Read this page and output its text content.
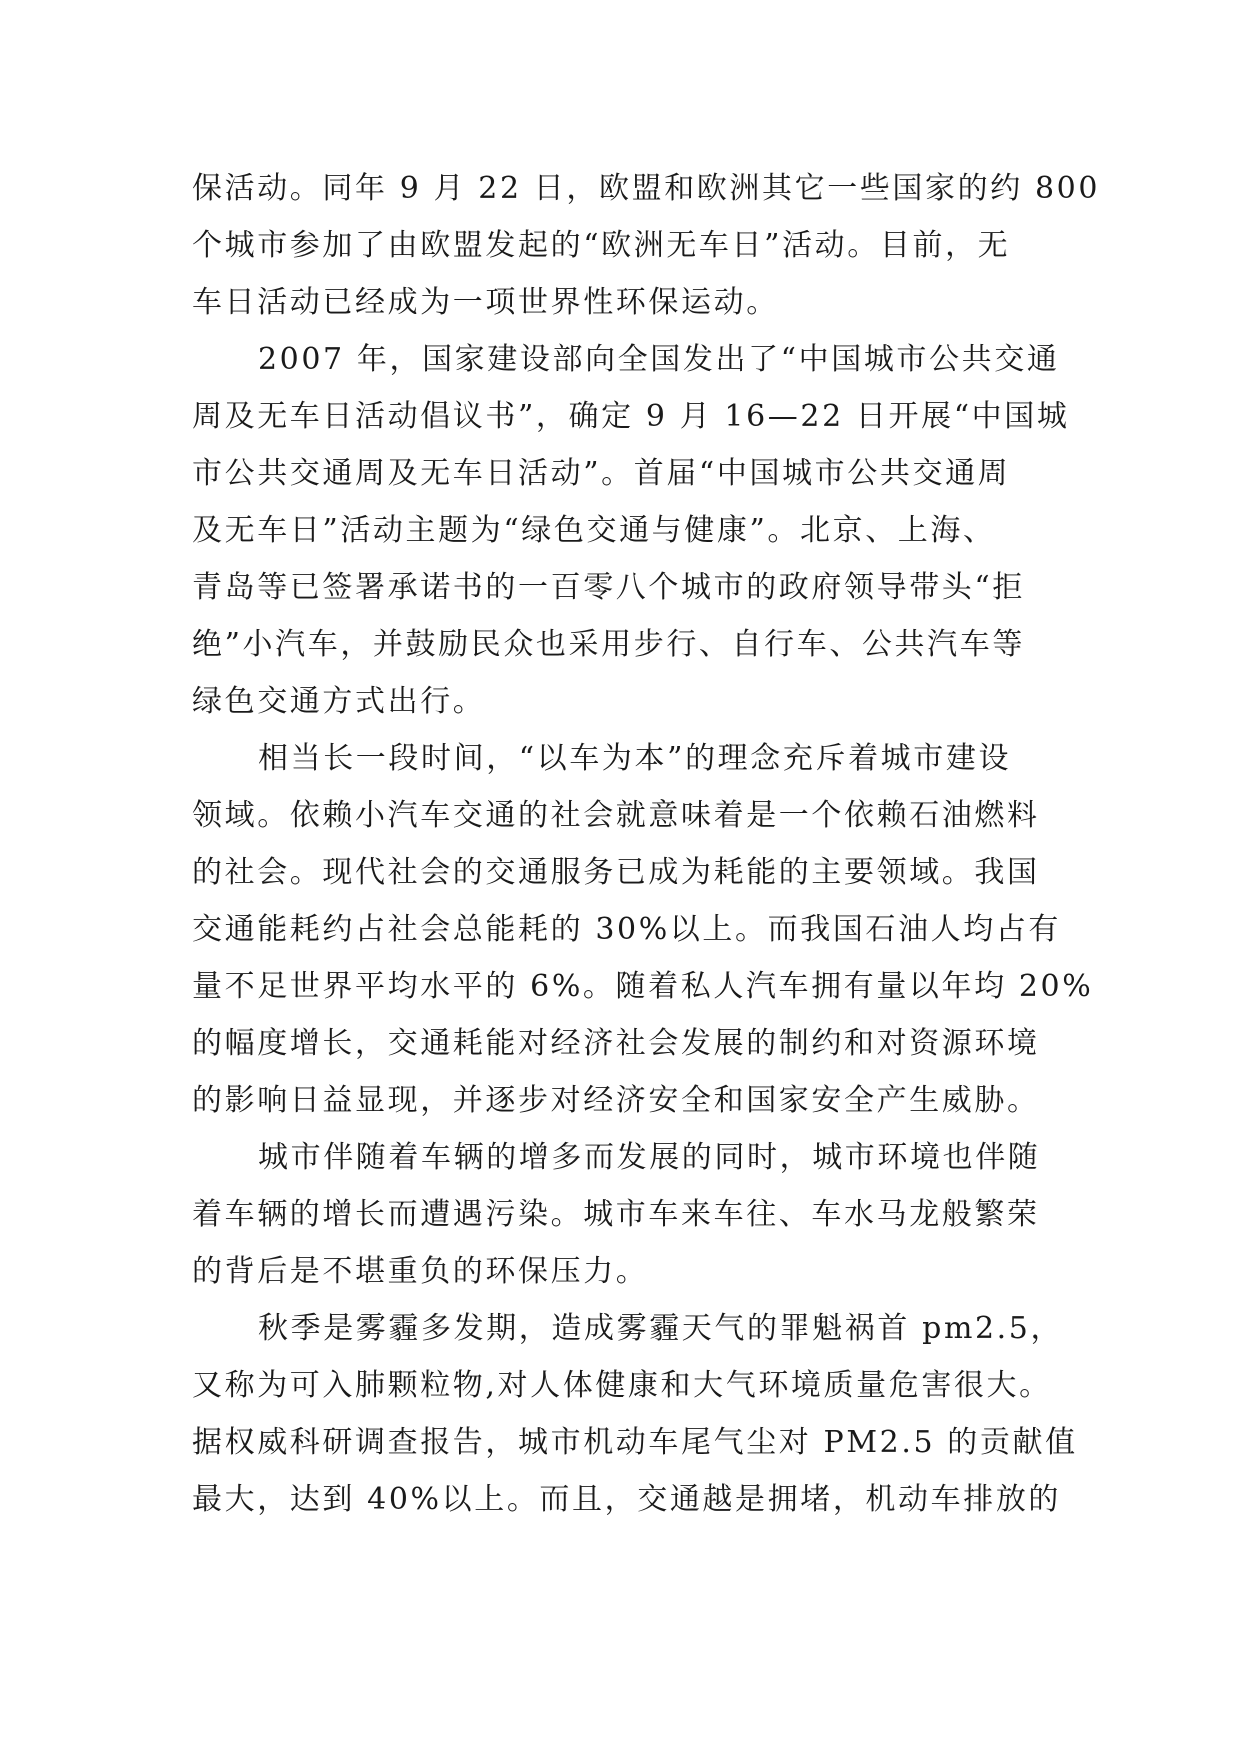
保活动。同年 9 月 22 日，欧盟和欧洲其它一些国家的约 800
个城市参加了由欧盟发起的“欧洲无车日”活动。目前，无
车日活动已经成为一项世界性环保运动。
2007 年，国家建设部向全国发出了“中国城市公共交通
周及无车日活动倡议书”，确定 9 月 16—22 日开展“中国城
市公共交通周及无车日活动”。首届“中国城市公共交通周
及无车日”活动主题为“绿色交通与健康”。北京、上海、
青岛等已签署承诺书的一百零八个城市的政府领导带头“拒
绝”小汽车，并鼓励民众也采用步行、自行车、公共汽车等
绿色交通方式出行。
相当长一段时间，“以车为本”的理念充斥着城市建设
领域。依赖小汽车交通的社会就意味着是一个依赖石油燃料
的社会。现代社会的交通服务已成为耗能的主要领域。我国
交通能耗约占社会总能耗的 30%以上。而我国石油人均占有
量不足世界平均水平的 6%。随着私人汽车拥有量以年均 20%
的幅度增长，交通耗能对经济社会发展的制约和对资源环境
的影响日益显现，并逐步对经济安全和国家安全产生威胁。
城市伴随着车辆的增多而发展的同时，城市环境也伴随
着车辆的增长而遭遇污染。城市车来车往、车水马龙般繁荣
的背后是不堪重负的环保压力。
秋季是雾霾多发期，造成雾霾天气的罪魁祸首 pm2.5，
又称为可入肺颗粒物,对人体健康和大气环境质量危害很大。
据权威科研调查报告，城市机动车尾气尘对 PM2.5 的贡献值
最大，达到 40%以上。而且，交通越是拥堵，机动车排放的
